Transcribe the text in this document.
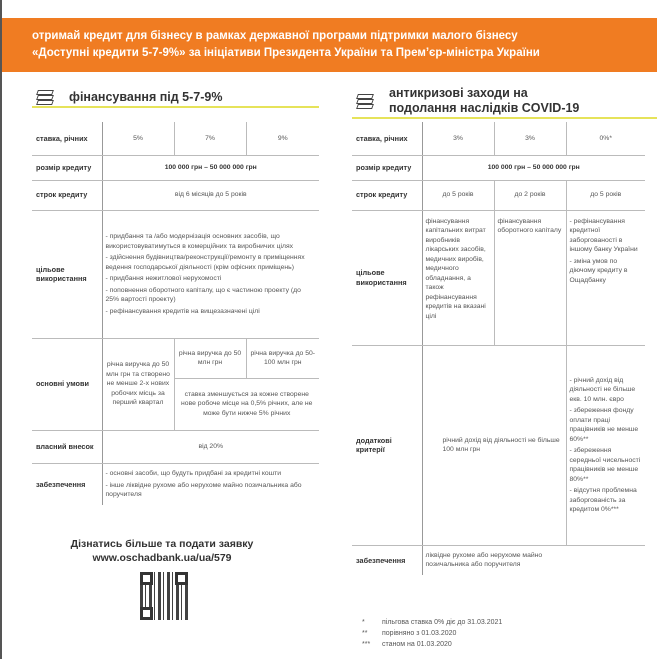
отримай кредит для бізнесу в рамках державної програми підтримки малого бізнесу
«Доступні кредити 5-7-9%» за ініціативи Президента України та Прем’єр-міністра України
фінансування під 5-7-9%	антикризові заходи на
подолання наслідків COVID-19
ставка, річних	5%	7%	9%
розмір кредиту	100 000 грн – 50 000 000 грн		
строк кредиту	від 6 місяців до 5 років		
цільове використання	- придбання та /або модернізація основних засобів, що використовуватимуться в комерційних та виробничих цілях

- здійснення будівництва/реконструкції/ремонту в приміщеннях ведення господарської діяльності (крім офісних приміщень)

- придбання нежитлової нерухомості

- поповнення оборотного капіталу, що є частиною проекту (до 25% вартості проекту)

- рефінансування кредитів на вищезазначені цілі		

основні умови	річна виручка до 50 млн грн та створено не менше 2-х нових робочих місць за перший квартал	річна виручка до 50 млн грн	річна виручка до 50-100 млн грн
		ставка зменшується за кожне створене нове робоче місце на 0,5% річних, але не може бути нижче 5% річних	
власний внесок	від 20%		
забезпечення	- основні засоби, що будуть придбані за кредитні кошти

- інше ліквідне рухоме або нерухоме майно позичальника або поручителя		

ставка, річних	3%	3%	0%*
розмір кредиту	100 000 грн – 50 000 000 грн		
строк кредиту	до 5 років	до 2 років	до 5 років
цільове використання	фінансування капітальних витрат виробників лікарських засобів, медичних виробів, медичного обладнання, а також рефінансування кредитів на вказані цілі	фінансування оборотного капіталу	- рефінансування кредитної заборгованості в іншому банку України

- зміна умов по діючому кредиту в Ощадбанку

додаткові критерії	річний дохід від діяльності не більше 100 млн грн		- річний дохід від діяльності не більше екв. 10 млн. євро

- збереження фонду оплати праці працівників не менше 60%**

- збереження середньої чисельності працівників не менше 80%**

- відсутня проблемна заборгованість за кредитом 0%***

забезпечення	ліквідне рухоме або нерухоме майно позичальника або поручителя		
Дізнатись більше та подати заявку
www.oschadbank.ua/ua/579
* пільгова ставка 0% діє до 31.03.2021
** порівняно з 01.03.2020
*** станом на 01.03.2020
